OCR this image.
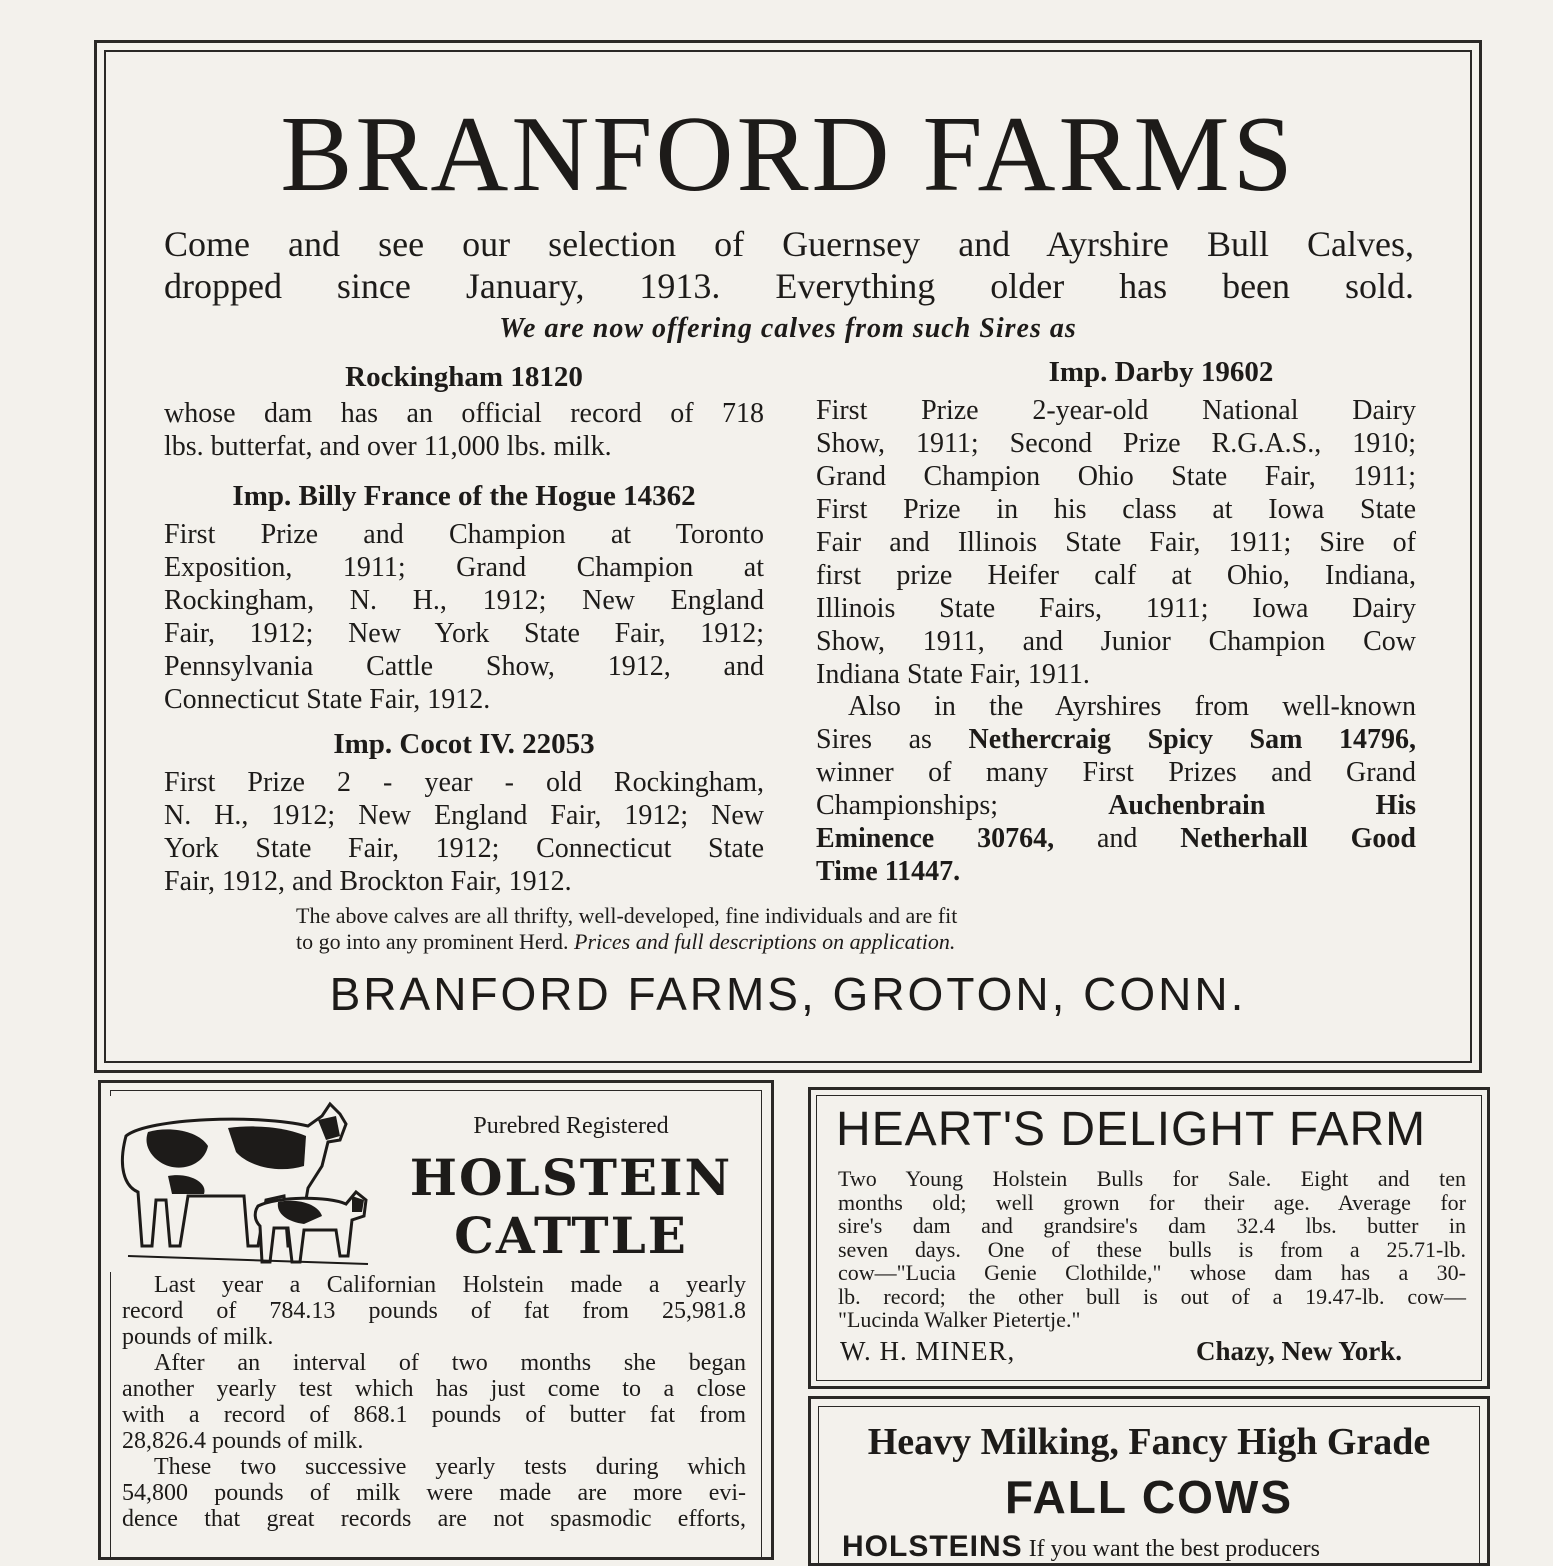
BRANFORD FARMS
Come and see our selection of Guernsey and Ayrshire Bull Calves,
dropped since January, 1913. Everything older has been sold.
We are now offering calves from such Sires as
Rockingham 18120
whose dam has an official record of 718
lbs. butterfat, and over 11,000 lbs. milk.
Imp. Billy France of the Hogue 14362
First Prize and Champion at Toronto
Exposition, 1911; Grand Champion at
Rockingham, N. H., 1912; New England
Fair, 1912; New York State Fair, 1912;
Pennsylvania Cattle Show, 1912, and
Connecticut State Fair, 1912.
Imp. Cocot IV. 22053
First Prize 2 - year - old Rockingham,
N. H., 1912; New England Fair, 1912; New
York State Fair, 1912; Connecticut State
Fair, 1912, and Brockton Fair, 1912.
Imp. Darby 19602
First Prize 2-year-old National Dairy
Show, 1911; Second Prize R.G.A.S., 1910;
Grand Champion Ohio State Fair, 1911;
First Prize in his class at Iowa State
Fair and Illinois State Fair, 1911; Sire of
first prize Heifer calf at Ohio, Indiana,
Illinois State Fairs, 1911; Iowa Dairy
Show, 1911, and Junior Champion Cow
Indiana State Fair, 1911.
Also in the Ayrshires from well-known
Sires as Nethercraig Spicy Sam 14796,
winner of many First Prizes and Grand
Championships; Auchenbrain His
Eminence 30764, and Netherhall Good
Time 11447.
The above calves are all thrifty, well-developed, fine individuals and are fit
to go into any prominent Herd. Prices and full descriptions on application.
BRANFORD FARMS, GROTON, CONN.
Purebred Registered
HOLSTEIN
CATTLE
Last year a Californian Holstein made a yearly
record of 784.13 pounds of fat from 25,981.8
pounds of milk.
After an interval of two months she began
another yearly test which has just come to a close
with a record of 868.1 pounds of butter fat from
28,826.4 pounds of milk.
These two successive yearly tests during which
54,800 pounds of milk were made are more evi-
dence that great records are not spasmodic efforts,
HEART'S DELIGHT FARM
Two Young Holstein Bulls for Sale. Eight and ten
months old; well grown for their age. Average for
sire's dam and grandsire's dam 32.4 lbs. butter in
seven days. One of these bulls is from a 25.71-lb.
cow—"Lucia Genie Clothilde," whose dam has a 30-
lb. record; the other bull is out of a 19.47-lb. cow—
"Lucinda Walker Pietertje."
W. H. MINER,	Chazy, New York.
Heavy Milking, Fancy High Grade
FALL COWS
HOLSTEINS If you want the best producers
